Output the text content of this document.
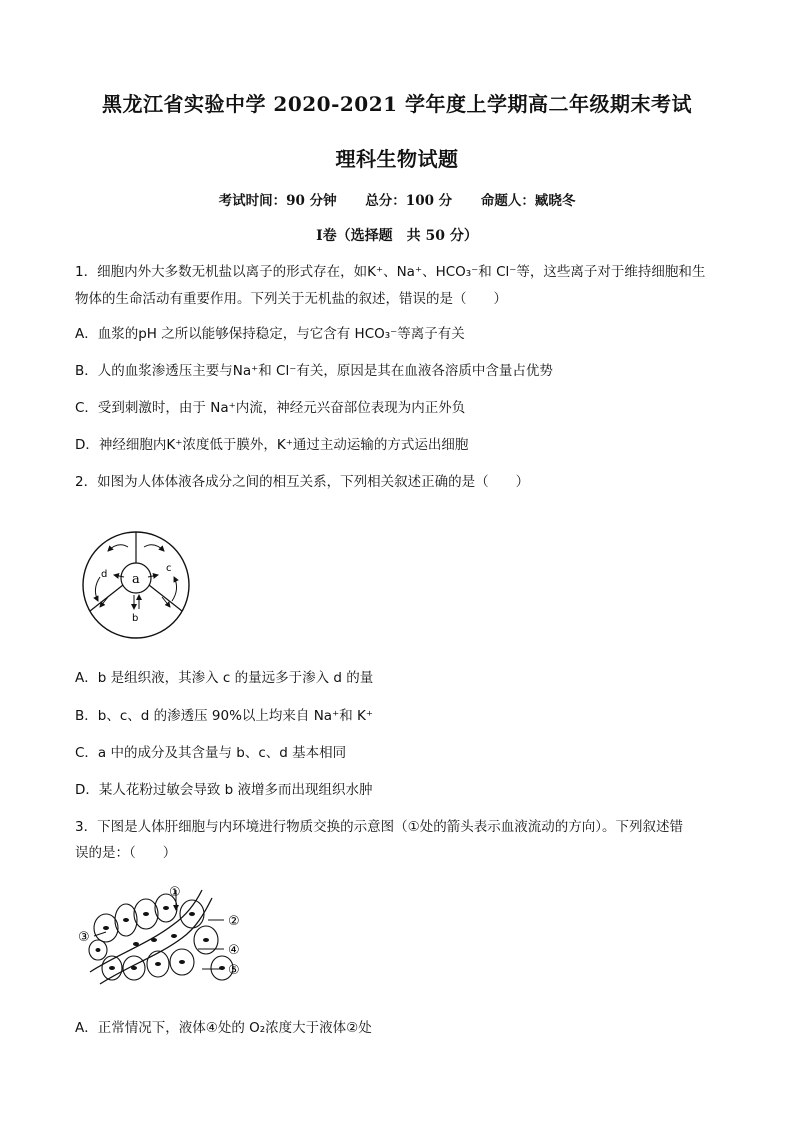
黑龙江省实验中学 2020-2021 学年度上学期高二年级期末考试
理科生物试题
考试时间：90 分钟 总分：100 分 命题人：臧晓冬
Ⅰ卷（选择题　共 50 分）
1．细胞内外大多数无机盐以离子的形式存在，如K⁺、Na⁺、HCO₃⁻和 Cl⁻等，这些离子对于维持细胞和生
物体的生命活动有重要作用。下列关于无机盐的叙述，错误的是（　　）
A．血浆的pH 之所以能够保持稳定，与它含有 HCO₃⁻等离子有关
B．人的血浆渗透压主要与Na⁺和 Cl⁻有关，原因是其在血液各溶质中含量占优势
C．受到刺激时，由于 Na⁺内流，神经元兴奋部位表现为内正外负
D．神经细胞内K⁺浓度低于膜外，K⁺通过主动运输的方式运出细胞
2．如图为人体体液各成分之间的相互关系，下列相关叙述正确的是（　　）
a
b
c
d
A．b 是组织液，其渗入 c 的量远多于渗入 d 的量
B．b、c、d 的渗透压 90%以上均来自 Na⁺和 K⁺
C．a 中的成分及其含量与 b、c、d 基本相同
D．某人花粉过敏会导致 b 液增多而出现组织水肿
3．下图是人体肝细胞与内环境进行物质交换的示意图（①处的箭头表示血液流动的方向）。下列叙述错
误的是：（　　）
①
②
③
④
⑤
A．正常情况下，液体④处的 O₂浓度大于液体②处
